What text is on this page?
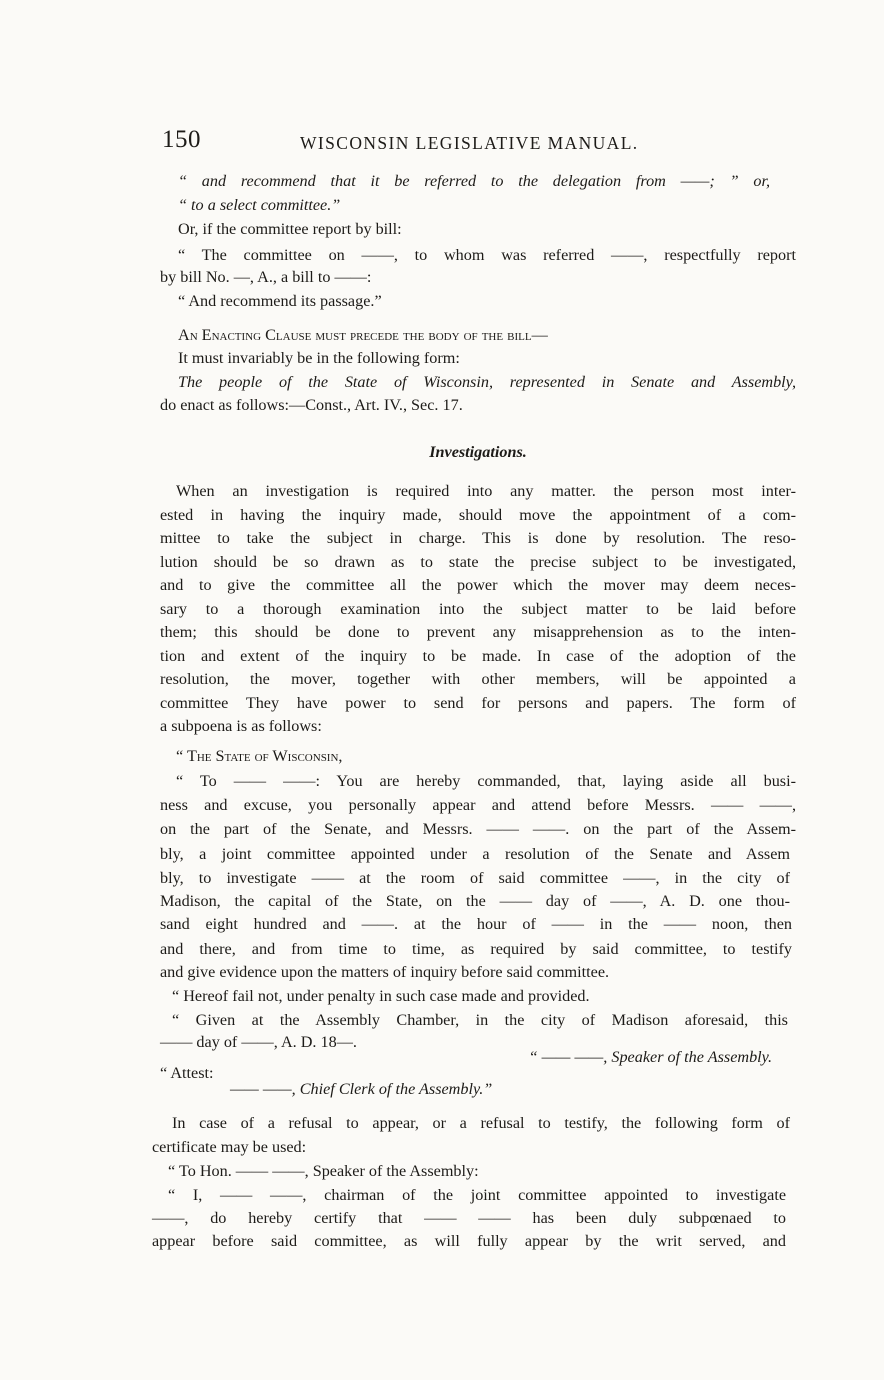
150	WISCONSIN LEGISLATIVE MANUAL.
“ and recommend that it be referred to the delegation from ——; ” or,
“ to a select committee.”
Or, if the committee report by bill:
“ The committee on ——, to whom was referred ——, respectfully report
by bill No. —, A., a bill to ——:
“ And recommend its passage.”
An Enacting Clause must precede the body of the bill—
It must invariably be in the following form:
The people of the State of Wisconsin, represented in Senate and Assembly,
do enact as follows:—Const., Art. IV., Sec. 17.
Investigations.
When an investigation is required into any matter. the person most inter-
ested in having the inquiry made, should move the appointment of a com-
mittee to take the subject in charge. This is done by resolution. The reso-
lution should be so drawn as to state the precise subject to be investigated,
and to give the committee all the power which the mover may deem neces-
sary to a thorough examination into the subject matter to be laid before
them; this should be done to prevent any misapprehension as to the inten-
tion and extent of the inquiry to be made. In case of the adoption of the
resolution, the mover, together with other members, will be appointed a
committee They have power to send for persons and papers. The form of
a subpoena is as follows:
“ The State of Wisconsin,
“ To —— ——: You are hereby commanded, that, laying aside all busi-
ness and excuse, you personally appear and attend before Messrs. —— ——,
on the part of the Senate, and Messrs. —— ——. on the part of the Assem-
bly, a joint committee appointed under a resolution of the Senate and Assem
bly, to investigate —— at the room of said committee ——, in the city of
Madison, the capital of the State, on the —— day of ——, A. D. one thou-
sand eight hundred and ——. at the hour of —— in the —— noon, then
and there, and from time to time, as required by said committee, to testify
and give evidence upon the matters of inquiry before said committee.
“ Hereof fail not, under penalty in such case made and provided.
“ Given at the Assembly Chamber, in the city of Madison aforesaid, this
—— day of ——, A. D. 18—.
“ —— ——, Speaker of the Assembly.
“ Attest:
—— ——, Chief Clerk of the Assembly.”
In case of a refusal to appear, or a refusal to testify, the following form of
certificate may be used:
“ To Hon. —— ——, Speaker of the Assembly:
“ I, —— ——, chairman of the joint committee appointed to investigate
——, do hereby certify that —— —— has been duly subpœnaed to
appear before said committee, as will fully appear by the writ served, and
